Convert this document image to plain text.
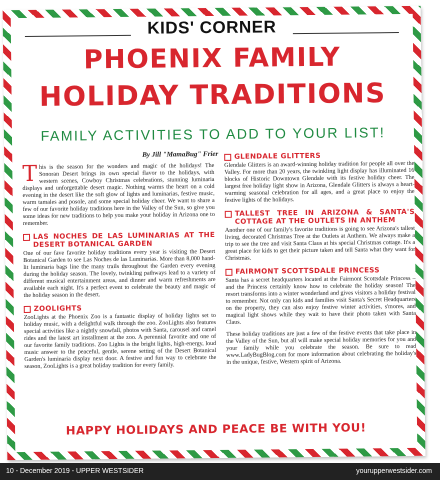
KIDS' CORNER
PHOENIX FAMILY
HOLIDAY TRADITIONS
FAMILY ACTIVITIES TO ADD TO YOUR LIST!
By Jill "MamaBug" Frier

This is the season for the wonders and magic of the holidays! The Sonoran Desert brings its own special flavor to the holidays, with western scenes, Cowboy Christmas celebrations, stunning luminaria displays and unforgettable desert magic. Nothing warms the heart on a cold evening in the desert like the soft glow of lights and luminarias, festive music, warm tamales and posole, and some special holiday cheer. We want to share a few of our favorite holiday traditions here in the Valley of the Sun, so give you some ideas for new traditions to help you make your holiday in Arizona one to remember.

LAS NOCHES DE LAS LUMINARIAS AT THE DESERT BOTANICAL GARDEN

One of our fave favorite holiday traditions every year is visiting the Desert Botanical Garden to see Las Noches de las Luminarias. More than 8,000 hand-lit luminaria bags line the many trails throughout the Garden every evening during the holiday season. The lovely, twinkling pathways lead to a variety of different musical entertainment areas, and dinner and warm refreshments are available each night. It's a perfect event to celebrate the beauty and magic of the holiday season in the desert.

ZOOLIGHTS

ZooLights at the Phoenix Zoo is a fantastic display of holiday lights set to holiday music, with a delightful walk through the zoo. ZooLights also features special activities like a nightly snowfall, photos with Santa, carousel and camel rides and the latest art installment at the zoo. A perennial favorite and one of our favorite family traditions. Zoo Lights is the bright lights, high-energy, loud music answer to the peaceful, gentle, serene setting of the Desert Botanical Garden's luminaria display next door. A festive and fun way to celebrate the season, ZooLights is a great holiday tradition for every family.

GLENDALE GLITTERS

Glendale Glitters is an award-winning holiday tradition for people all over the Valley. For more than 20 years, the twinkling light display has illuminated 16 blocks of Historic Downtown Glendale with its festive holiday cheer. The largest free holiday light show in Arizona, Glendale Glitters is always a heart-warming seasonal celebration for all ages, and a great place to enjoy the festive lights of the holidays.

TALLEST TREE IN ARIZONA & SANTA'S COTTAGE AT THE OUTLETS IN ANTHEM

Another one of our family's favorite traditions is going to see Arizona's tallest living, decorated Christmas Tree at the Outlets at Anthem. We always make a trip to see the tree and visit Santa Claus at his special Christmas cottage. It's a great place for kids to get their picture taken and tell Santa what they want for Christmas.

FAIRMONT SCOTTSDALE PRINCESS

Santa has a secret headquarters located at the Fairmont Scottsdale Princess – and the Princess certainly know how to celebrate the holiday season! The resort transforms into a winter wonderland and gives visitors a holiday festival to remember. Not only can kids and families visit Santa's Secret Headquarters on the property, they can also enjoy festive winter activities, s'mores, and magical light shows while they wait to have their photo taken with Santa Claus.

These holiday traditions are just a few of the festive events that take place in the Valley of the Sun, but all will make special holiday memories for you and your family while you celebrate the season. Be sure to read www.LadyBugBlog.com for more information about celebrating the holiday's in the unique, festive, Western spirit of Arizona.

HAPPY HOLIDAYS AND PEACE BE WITH YOU!
10 - December 2019 - UPPER WESTSIDER	yourupperwestsider.com
